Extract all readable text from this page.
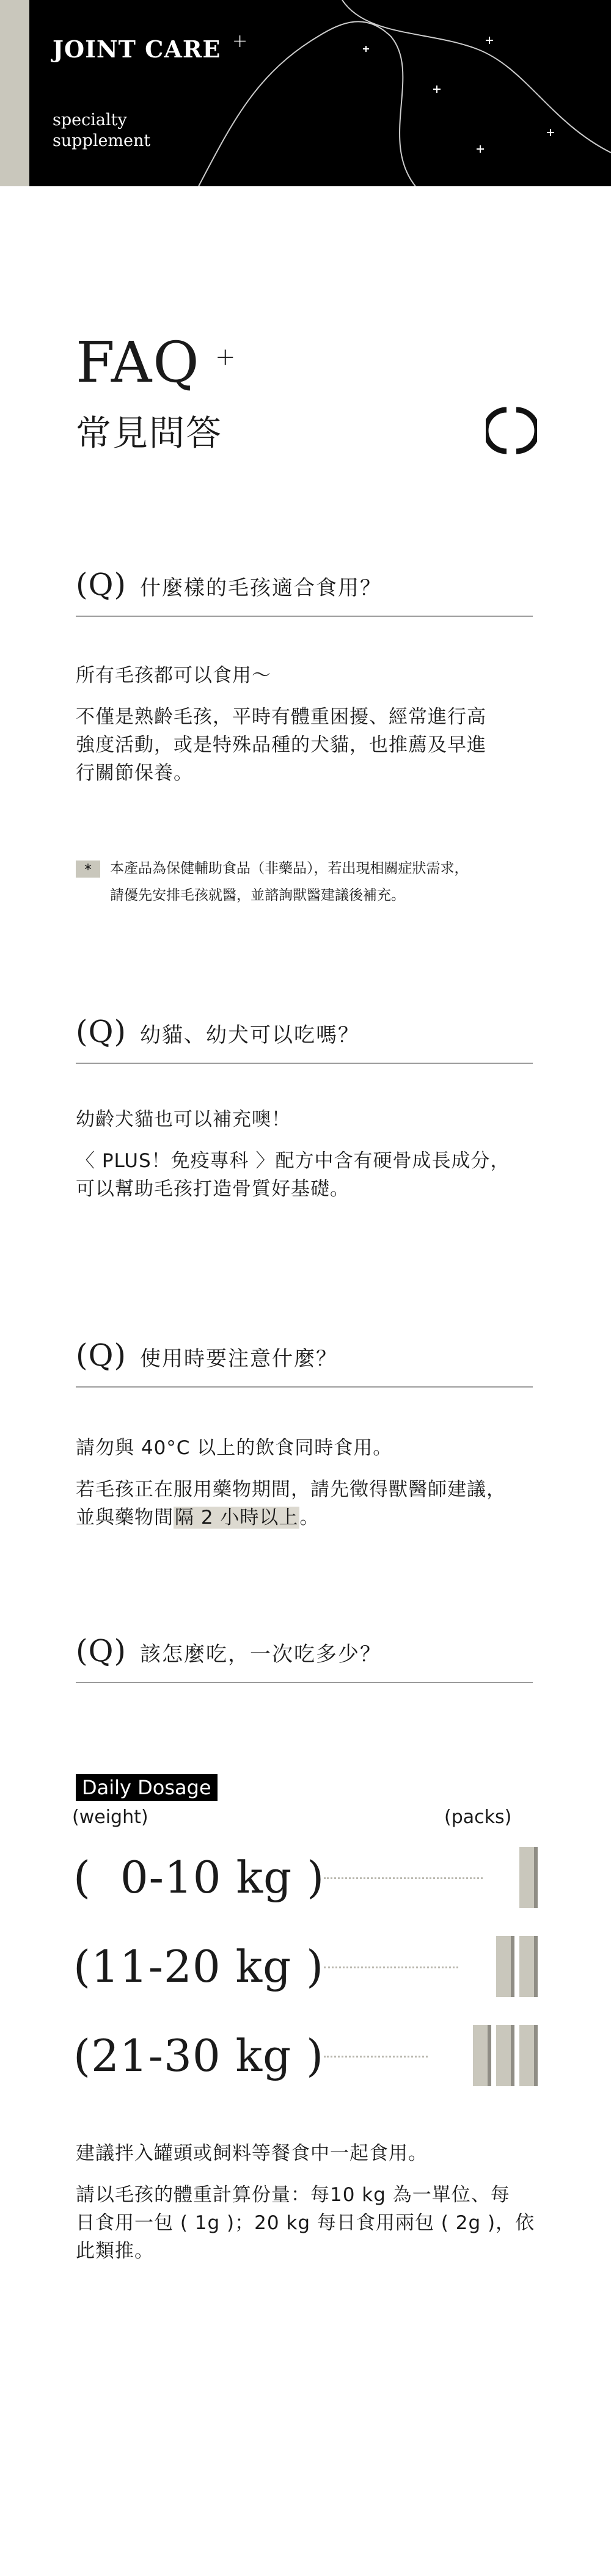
JOINT CARE +
specialty
supplement
FAQ +
常見問答
(Q) 什麼樣的毛孩適合食用？

所有毛孩都可以食用～

不僅是熟齡毛孩，平時有體重困擾、經常進行高

強度活動，或是特殊品種的犬貓，也推薦及早進

行關節保養。

* 本產品為保健輔助食品（非藥品），若出現相關症狀需求，
請優先安排毛孩就醫，並諮詢獸醫建議後補充。
(Q) 幼貓、幼犬可以吃嗎？

幼齡犬貓也可以補充噢！

〈 PLUS！免疫專科 〉配方中含有硬骨成長成分，

可以幫助毛孩打造骨質好基礎。

(Q) 使用時要注意什麼？

請勿與 40°C 以上的飲食同時食用。

若毛孩正在服用藥物期間，請先徵得獸醫師建議，

並與藥物間隔 2 小時以上。

(Q) 該怎麼吃，一次吃多少？
Daily Dosage
(weight)	(packs)
(  0-10 kg )
(11-20 kg )
(21-30 kg )

建議拌入罐頭或飼料等餐食中一起食用。

請以毛孩的體重計算份量：每10 kg 為一單位、每

日食用一包 ( 1g )；20 kg 每日食用兩包 ( 2g )，依

此類推。
